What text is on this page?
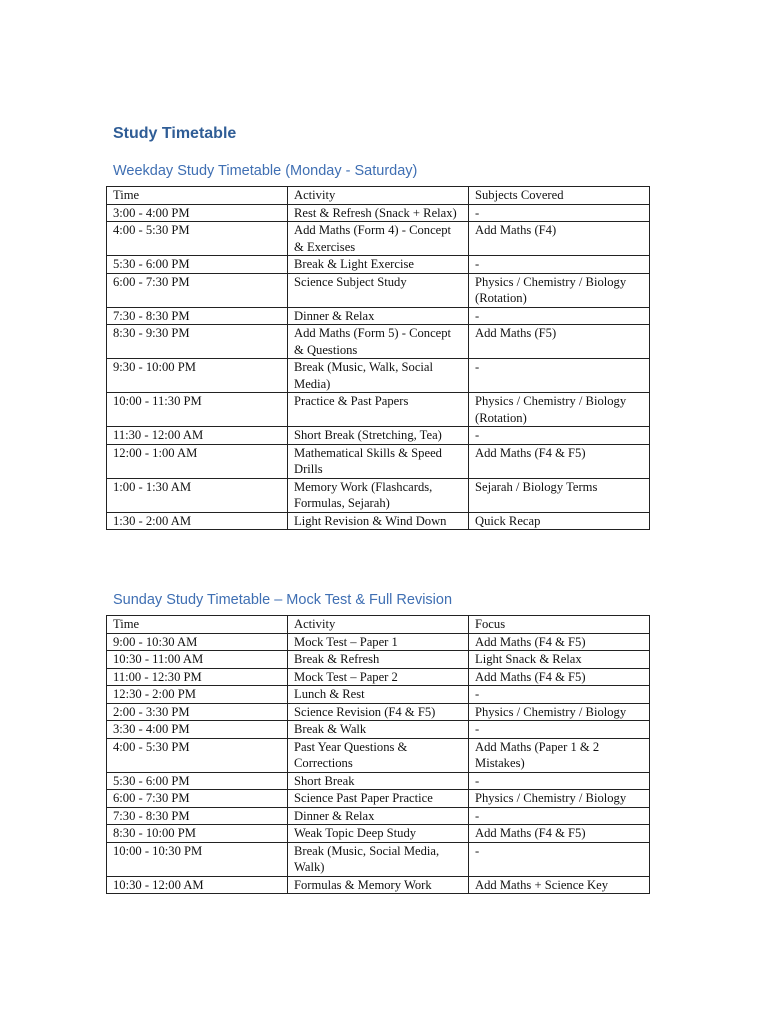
Study Timetable
Weekday Study Timetable (Monday - Saturday)
Time	Activity	Subjects Covered
3:00 - 4:00 PM	Rest & Refresh (Snack + Relax)	-
4:00 - 5:30 PM	Add Maths (Form 4) - Concept & Exercises	Add Maths (F4)
5:30 - 6:00 PM	Break & Light Exercise	-
6:00 - 7:30 PM	Science Subject Study	Physics / Chemistry / Biology (Rotation)
7:30 - 8:30 PM	Dinner & Relax	-
8:30 - 9:30 PM	Add Maths (Form 5) - Concept & Questions	Add Maths (F5)
9:30 - 10:00 PM	Break (Music, Walk, Social Media)	-
10:00 - 11:30 PM	Practice & Past Papers	Physics / Chemistry / Biology (Rotation)
11:30 - 12:00 AM	Short Break (Stretching, Tea)	-
12:00 - 1:00 AM	Mathematical Skills & Speed Drills	Add Maths (F4 & F5)
1:00 - 1:30 AM	Memory Work (Flashcards, Formulas, Sejarah)	Sejarah / Biology Terms
1:30 - 2:00 AM	Light Revision & Wind Down	Quick Recap
Sunday Study Timetable – Mock Test & Full Revision
Time	Activity	Focus
9:00 - 10:30 AM	Mock Test – Paper 1	Add Maths (F4 & F5)
10:30 - 11:00 AM	Break & Refresh	Light Snack & Relax
11:00 - 12:30 PM	Mock Test – Paper 2	Add Maths (F4 & F5)
12:30 - 2:00 PM	Lunch & Rest	-
2:00 - 3:30 PM	Science Revision (F4 & F5)	Physics / Chemistry / Biology
3:30 - 4:00 PM	Break & Walk	-
4:00 - 5:30 PM	Past Year Questions & Corrections	Add Maths (Paper 1 & 2 Mistakes)
5:30 - 6:00 PM	Short Break	-
6:00 - 7:30 PM	Science Past Paper Practice	Physics / Chemistry / Biology
7:30 - 8:30 PM	Dinner & Relax	-
8:30 - 10:00 PM	Weak Topic Deep Study	Add Maths (F4 & F5)
10:00 - 10:30 PM	Break (Music, Social Media, Walk)	-
10:30 - 12:00 AM	Formulas & Memory Work	Add Maths + Science Key
